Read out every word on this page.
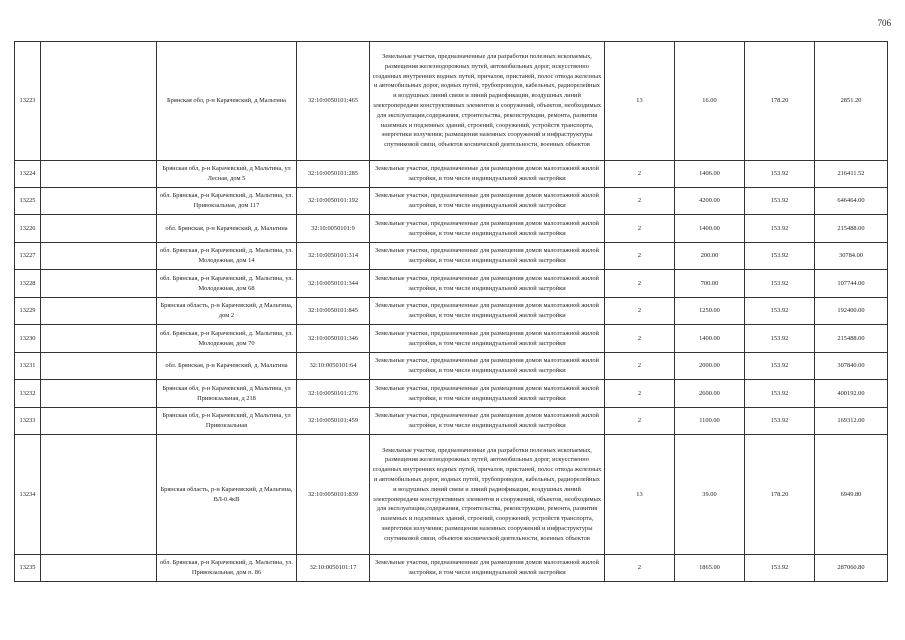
706
13223		Брянская обл, р-н Карачевский, д Мальтина	32:10:0050101:465	Земельные участки, предназначенные для разработки полезных ископаемых, размещения железнодорожных путей, автомобильных дорог, искусственно созданных внутренних водных путей, причалов, пристаней, полос отвода железных и автомобильных дорог, водных путей, трубопроводов, кабельных, радиорелейных и воздушных линий связи и линий радиофикации, воздушных линий электропередачи конструктивных элементов и сооружений, объектов, необходимых для эксплуатации,содержания, строительства, реконструкции, ремонта, развития наземных и подземных зданий, строений, сооружений, устройств транспорта, энергетики излучения; размещения наземных сооружений и инфраструктуры спутниковой связи, объектов космической деятельности, военных объектов	13	16.00	178.20	2851.20
13224		Брянская обл, р-н Карачевский, д Мальтина, ул Лесная, дом 5	32:10:0050101:285	Земельные участки, предназначенные для размещения домов малоэтажной жилой застройки, в том числе индивидуальной жилой застройки	2	1406.00	153.92	216411.52
13225		обл. Брянская, р-н Карачевский, д. Мальтина, ул. Привокзальная, дом 117	32:10:0050101:192	Земельные участки, предназначенные для размещения домов малоэтажной жилой застройки, в том числе индивидуальной жилой застройки	2	4200.00	153.92	646464.00
13226		обл. Брянская, р-н Карачевский, д. Мальтина	32:10:0050101:9	Земельные участки, предназначенные для размещения домов малоэтажной жилой застройки, в том числе индивидуальной жилой застройки	2	1400.00	153.92	215488.00
13227		обл. Брянская, р-н Карачевский, д. Мальтина, ул. Молодежная, дом 14	32:10:0050101:314	Земельные участки, предназначенные для размещения домов малоэтажной жилой застройки, в том числе индивидуальной жилой застройки	2	200.00	153.92	30784.00
13228		обл. Брянская, р-н Карачевский, д. Мальтина, ул. Молодежная, дом 68	32:10:0050101:344	Земельные участки, предназначенные для размещения домов малоэтажной жилой застройки, в том числе индивидуальной жилой застройки	2	700.00	153.92	107744.00
13229		Брянская область, р-н Карачевский, д Мальтина, дом 2	32:10:0050101:845	Земельные участки, предназначенные для размещения домов малоэтажной жилой застройки, в том числе индивидуальной жилой застройки	2	1250.00	153.92	192400.00
13230		обл. Брянская, р-н Карачевский, д. Мальтина, ул. Молодежная, дом 70	32:10:0050101:346	Земельные участки, предназначенные для размещения домов малоэтажной жилой застройки, в том числе индивидуальной жилой застройки	2	1400.00	153.92	215488.00
13231		обл. Брянская, р-н Карачевский, д. Мальтина	32:10:0050101:64	Земельные участки, предназначенные для размещения домов малоэтажной жилой застройки, в том числе индивидуальной жилой застройки	2	2000.00	153.92	307840.00
13232		Брянская обл, р-н Карачевский, д Мальтина, ул Привокзальная, д 218	32:10:0050101:276	Земельные участки, предназначенные для размещения домов малоэтажной жилой застройки, в том числе индивидуальной жилой застройки	2	2600.00	153.92	400192.00
13233		Брянская обл, р-н Карачевский, д Мальтина, ул Привокзальная	32:10:0050101:459	Земельные участки, предназначенные для размещения домов малоэтажной жилой застройки, в том числе индивидуальной жилой застройки	2	1100.00	153.92	169312.00
13234		Брянская область, р-н Карачевский, д Мальтина, ВЛ-0.4кВ	32:10:0050101:839	Земельные участки, предназначенные для разработки полезных ископаемых, размещения железнодорожных путей, автомобильных дорог, искусственно созданных внутренних водных путей, причалов, пристаней, полос отвода железных и автомобильных дорог, водных путей, трубопроводов, кабельных, радиорелейных и воздушных линий связи и линий радиофикации, воздушных линий электропередачи конструктивных элементов и сооружений, объектов, необходимых для эксплуатации,содержания, строительства, реконструкции, ремонта, развития наземных и подземных зданий, строений, сооружений, устройств транспорта, энергетики излучения; размещения наземных сооружений и инфраструктуры спутниковой связи, объектов космической деятельности, военных объектов	13	39.00	178.20	6949.80
13235		обл. Брянская, р-н Карачевский, д. Мальтина, ул. Привокзальная, дом п. 86	32:10:0050101:17	Земельные участки, предназначенные для размещения домов малоэтажной жилой застройки, в том числе индивидуальной жилой застройки	2	1865.00	153.92	287060.80
